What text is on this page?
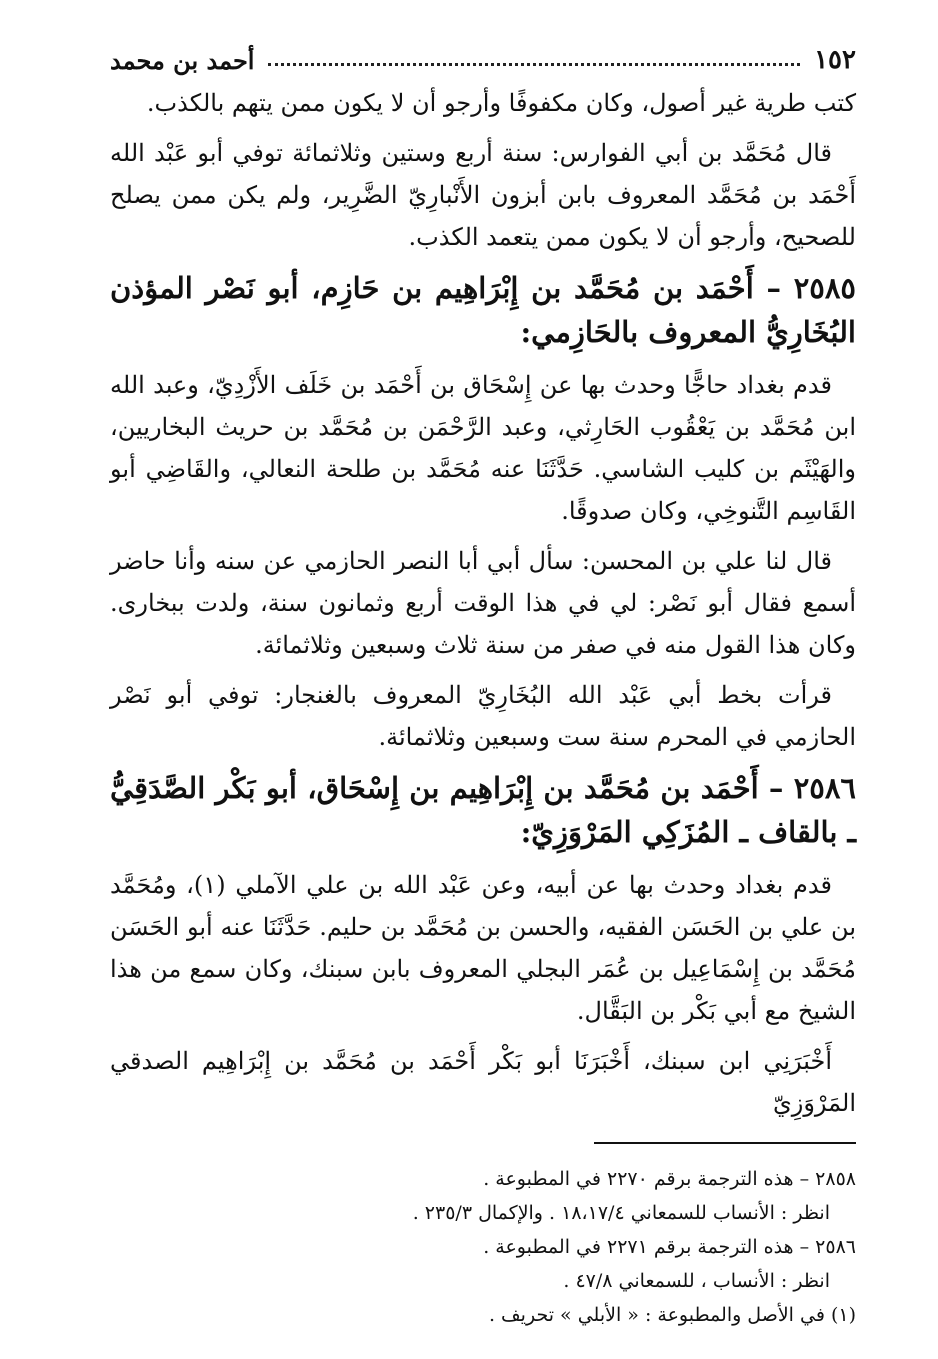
١٥٢
أحمد بن محمد

كتب طرية غير أصول، وكان مكفوفًا وأرجو أن لا يكون ممن يتهم بالكذب.

قال مُحَمَّد بن أبي الفوارس: سنة أربع وستين وثلاثمائة توفي أبو عَبْد الله أَحْمَد بن مُحَمَّد المعروف بابن أبزون الأَنْبارِيّ الضَّرِير، ولم يكن ممن يصلح للصحيح، وأرجو أن لا يكون ممن يتعمد الكذب.

٢٥٨٥ – أَحْمَد بن مُحَمَّد بن إِبْرَاهِيم بن حَازِم، أبو نَصْر المؤذن البُخَارِيُّ المعروف بالحَازِمي:

قدم بغداد حاجًّا وحدث بها عن إِسْحَاق بن أَحْمَد بن خَلَف الأَزْدِيّ، وعبد الله ابن مُحَمَّد بن يَعْقُوب الحَارِثي، وعبد الرَّحْمَن بن مُحَمَّد بن حريث البخاريين، والهَيْثَم بن كليب الشاسي. حَدَّثَنَا عنه مُحَمَّد بن طلحة النعالي، والقَاضِي أبو القَاسِم التَّنوخِي، وكان صدوقًا.

قال لنا علي بن المحسن: سأل أبي أبا النصر الحازمي عن سنه وأنا حاضر أسمع فقال أبو نَصْر: لي في هذا الوقت أربع وثمانون سنة، ولدت ببخارى. وكان هذا القول منه في صفر من سنة ثلاث وسبعين وثلاثمائة.

قرأت بخط أبي عَبْد الله البُخَارِيّ المعروف بالغنجار: توفي أبو نَصْر الحازمي في المحرم سنة ست وسبعين وثلاثمائة.

٢٥٨٦ – أَحْمَد بن مُحَمَّد بن إِبْرَاهِيم بن إِسْحَاق، أبو بَكْر الصَّدَقِيُّ ـ بالقاف ـ المُزَكِي المَرْوَزِيّ:

قدم بغداد وحدث بها عن أبيه، وعن عَبْد الله بن علي الآملي (١)، ومُحَمَّد بن علي بن الحَسَن الفقيه، والحسن بن مُحَمَّد بن حليم. حَدَّثَنَا عنه أبو الحَسَن مُحَمَّد بن إِسْمَاعِيل بن عُمَر البجلي المعروف بابن سبنك، وكان سمع من هذا الشيخ مع أبي بَكْر بن البَقَّال.

أَخْبَرَنِي ابن سبنك، أَخْبَرَنَا أبو بَكْر أَحْمَد بن مُحَمَّد بن إِبْرَاهِيم الصدقي المَرْوَزِيّ

٢٨٥٨ – هذه الترجمة برقم ٢٢٧٠ في المطبوعة .
انظر : الأنساب للسمعاني ١٨،١٧/٤ . والإكمال ٢٣٥/٣ .
٢٥٨٦ – هذه الترجمة برقم ٢٢٧١ في المطبوعة .
انظر : الأنساب ، للسمعاني ٤٧/٨ .
(١) في الأصل والمطبوعة : « الأبلي » تحريف .
